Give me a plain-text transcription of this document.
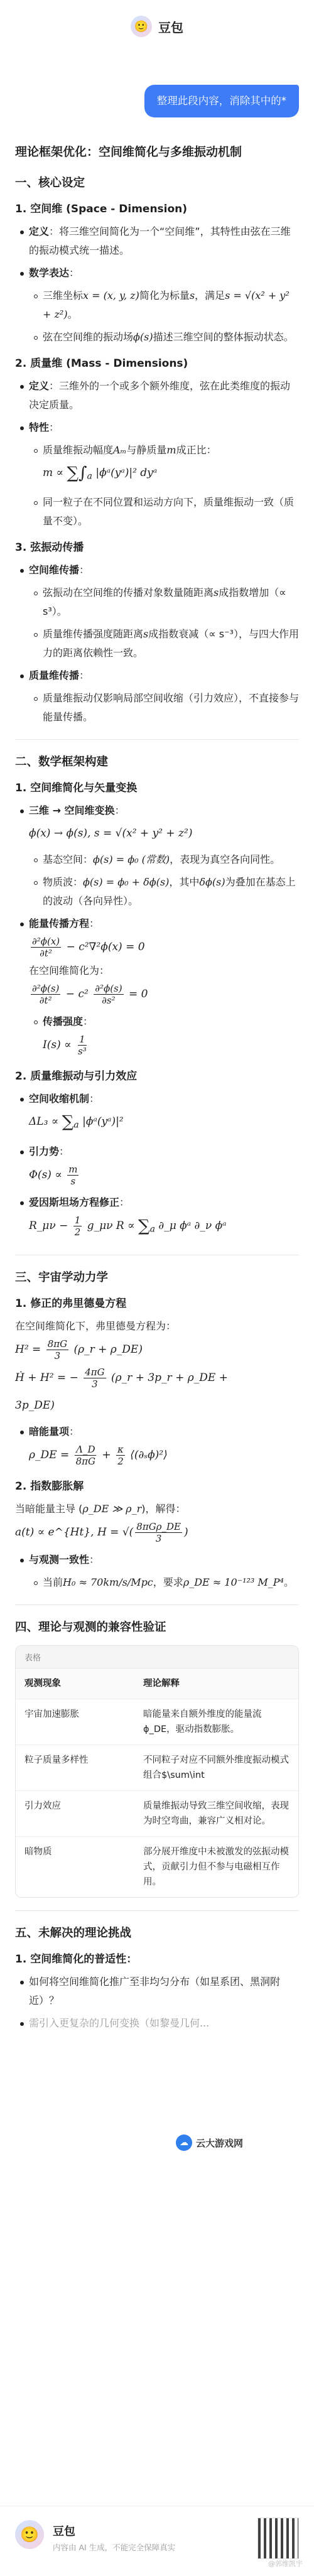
🙂 豆包
整理此段内容，消除其中的*
理论框架优化：空间维简化与多维振动机制
一、核心设定
1. 空间维 (Space - Dimension)
定义：将三维空间简化为一个“空间维”，其特性由弦在三维的振动模式统一描述。
数学表达：
三维坐标x = (x, y, z)简化为标量s，满足s = √(x² + y² + z²)。
弦在空间维的振动场ϕ(s)描述三维空间的整体振动状态。
2. 质量维 (Mass - Dimensions)
定义：三维外的一个或多个额外维度，弦在此类维度的振动决定质量。
特性：
质量维振动幅度Aₘ与静质量m成正比：
$m \propto \sum\int_a$ |ϕᵃ(yᵃ)|² dyᵃ
同一粒子在不同位置和运动方向下，质量维振动一致（质量不变）。
3. 弦振动传播
空间维传播：
弦振动在空间维的传播对象数量随距离s成指数增加（∝ s³）。
质量维传播强度随距离s成指数衰减（∝ s⁻³），与四大作用力的距离依赖性一致。
质量维传播：
质量维振动仅影响局部空间收缩（引力效应），不直接参与能量传播。
二、数学框架构建
1. 空间维简化与矢量变换
三维 → 空间维变换：
ϕ(x) → ϕ(s), s = √(x² + y² + z²)
基态空间：ϕ(s) = ϕ₀ (常数)，表现为真空各向同性。
物质波：ϕ(s) = ϕ₀ + δϕ(s)，其中δϕ(s)为叠加在基态上的波动（各向异性）。
能量传播方程：
$\frac{\text{∂²ϕ(x)}}{\text{∂t²}} - c^2\nabla^2\phi(x) = 0$
在空间维简化为：
$\frac{\text{∂²ϕ(s)}}{\text{∂t²}} - c^2 \frac{\text{∂²ϕ(s)}}{\text{∂s²}} = 0$
传播强度：
$I(s) \propto \frac{1}{\text{s³}}$
2. 质量维振动与引力效应
空间收缩机制：
$\Delta L_3 \propto \sum_a$ |ϕᵃ(yᵃ)|²
引力势：
$\Phi(s) \propto \frac{m}{s}$
爱因斯坦场方程修正：
R_μν − $\frac{1}{2}$ g_μν $R \propto \sum_a$ ∂_μ ϕᵃ ∂_ν ϕᵃ
三、宇宙学动力学
1. 修正的弗里德曼方程
在空间维简化下，弗里德曼方程为：
$H^2 = \frac{8\pi G}{3}$ (ρ_r + ρ_DE)
Ḣ + H² = − $\frac{4\pi G}{3}$ (ρ_r + 3p_r + ρ_DE +
3p_DE)
暗能量项：
ρ_DE = $\frac{\Lambda\_D}{8\pi G} + \frac{\kappa}{2}$ ⟨(∂ₛϕ)²⟩
2. 指数膨胀解
当暗能量主导 (ρ_DE ≫ ρ_r)，解得：
a(t) ∝ e^{Ht}, H = √( $\frac{\text{8πGρ\_DE}}{3}$ )
与观测一致性：
当前H₀ ≈ 70km/s/Mpc，要求ρ_DE ≈ 10⁻¹²³ M_P⁴。
四、理论与观测的兼容性验证
表格
观测现象	理论解释
宇宙加速膨胀	暗能量来自额外维度的能量流ϕ_DE，驱动指数膨胀。
粒子质量多样性	不同粒子对应不同额外维度振动模式组合$\sum\int
引力效应	质量维振动导致三维空间收缩，表现为时空弯曲，兼容广义相对论。
暗物质	部分展开维度中未被激发的弦振动模式，贡献引力但不参与电磁相互作用。
五、未解决的理论挑战
1. 空间维简化的普适性：
如何将空间维简化推广至非均匀分布（如星系团、黑洞附近）？
需引入更复杂的几何变换（如黎曼几何...
☁ 云大游戏网
🙂	豆包
内容由 AI 生成，不能完全保障真实
@郭维凯宇
